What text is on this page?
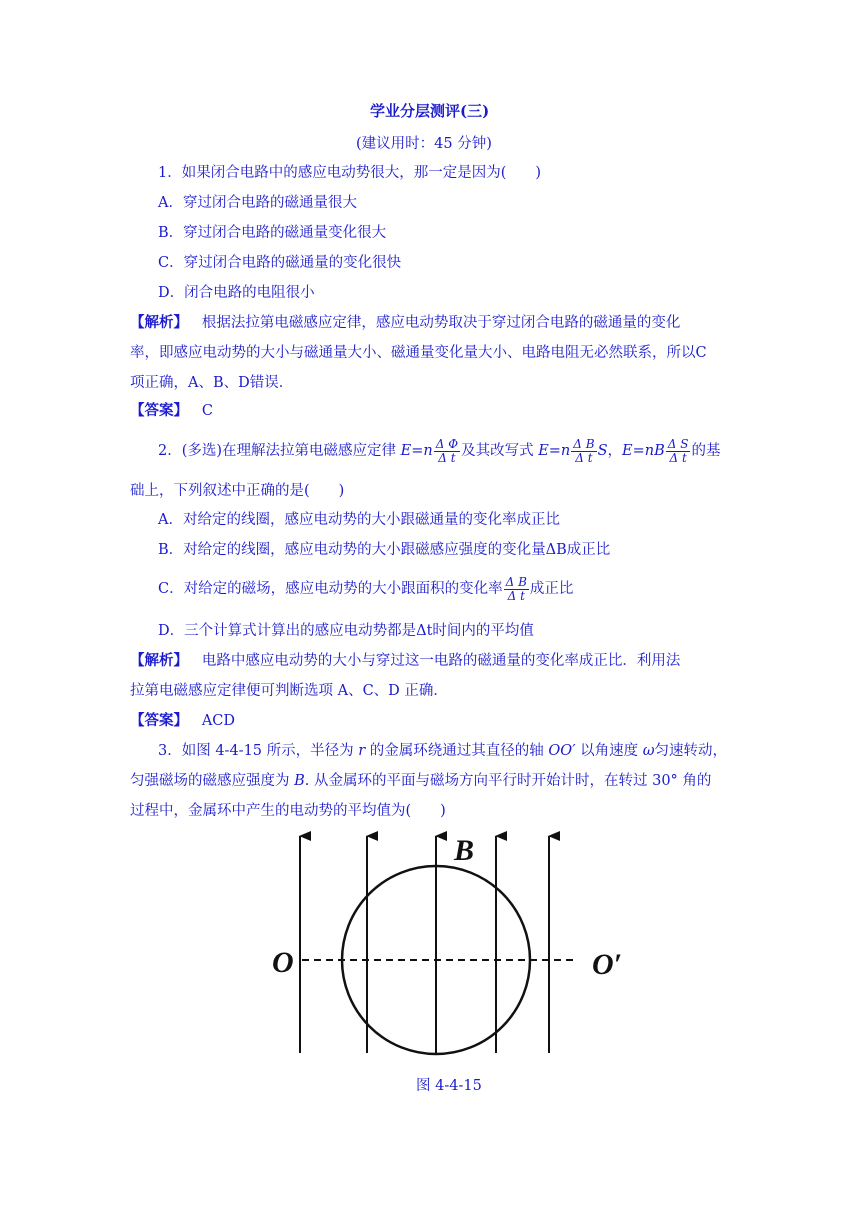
学业分层测评(三)
(建议用时：45 分钟)
1．如果闭合电路中的感应电动势很大，那一定是因为(　　)
A．穿过闭合电路的磁通量很大
B．穿过闭合电路的磁通量变化很大
C．穿过闭合电路的磁通量的变化很快
D．闭合电路的电阻很小
【解析】 根据法拉第电磁感应定律，感应电动势取决于穿过闭合电路的磁通量的变化
率，即感应电动势的大小与磁通量大小、磁通量变化量大小、电路电阻无必然联系，所以C
项正确，A、B、D错误．
【答案】 C
2．(多选)在理解法拉第电磁感应定律 $E=n \frac{\text{Δ Φ}}{\text{Δ t}}$ 及其改写式 $E=n \frac{\text{Δ B}}{\text{Δ t}}$ S，$E=nB \frac{\text{Δ S}}{\text{Δ t}}$ 的基
础上，下列叙述中正确的是(　　)
A．对给定的线圈，感应电动势的大小跟磁通量的变化率成正比
B．对给定的线圈，感应电动势的大小跟磁感应强度的变化量ΔB成正比
C．对给定的磁场，感应电动势的大小跟面积的变化率 $\frac{\text{Δ B}}{\text{Δ t}}$ 成正比
D．三个计算式计算出的感应电动势都是Δt时间内的平均值
【解析】 电路中感应电动势的大小与穿过这一电路的磁通量的变化率成正比．利用法
拉第电磁感应定律便可判断选项 A、C、D 正确．
【答案】 ACD
3．如图 4-4-15 所示，半径为 r 的金属环绕通过其直径的轴 OO′ 以角速度 ω匀速转动，
匀强磁场的磁感应强度为 B. 从金属环的平面与磁场方向平行时开始计时，在转过 30° 角的
过程中，金属环中产生的电动势的平均值为(　　)
B
O	O′
图 4-4-15
